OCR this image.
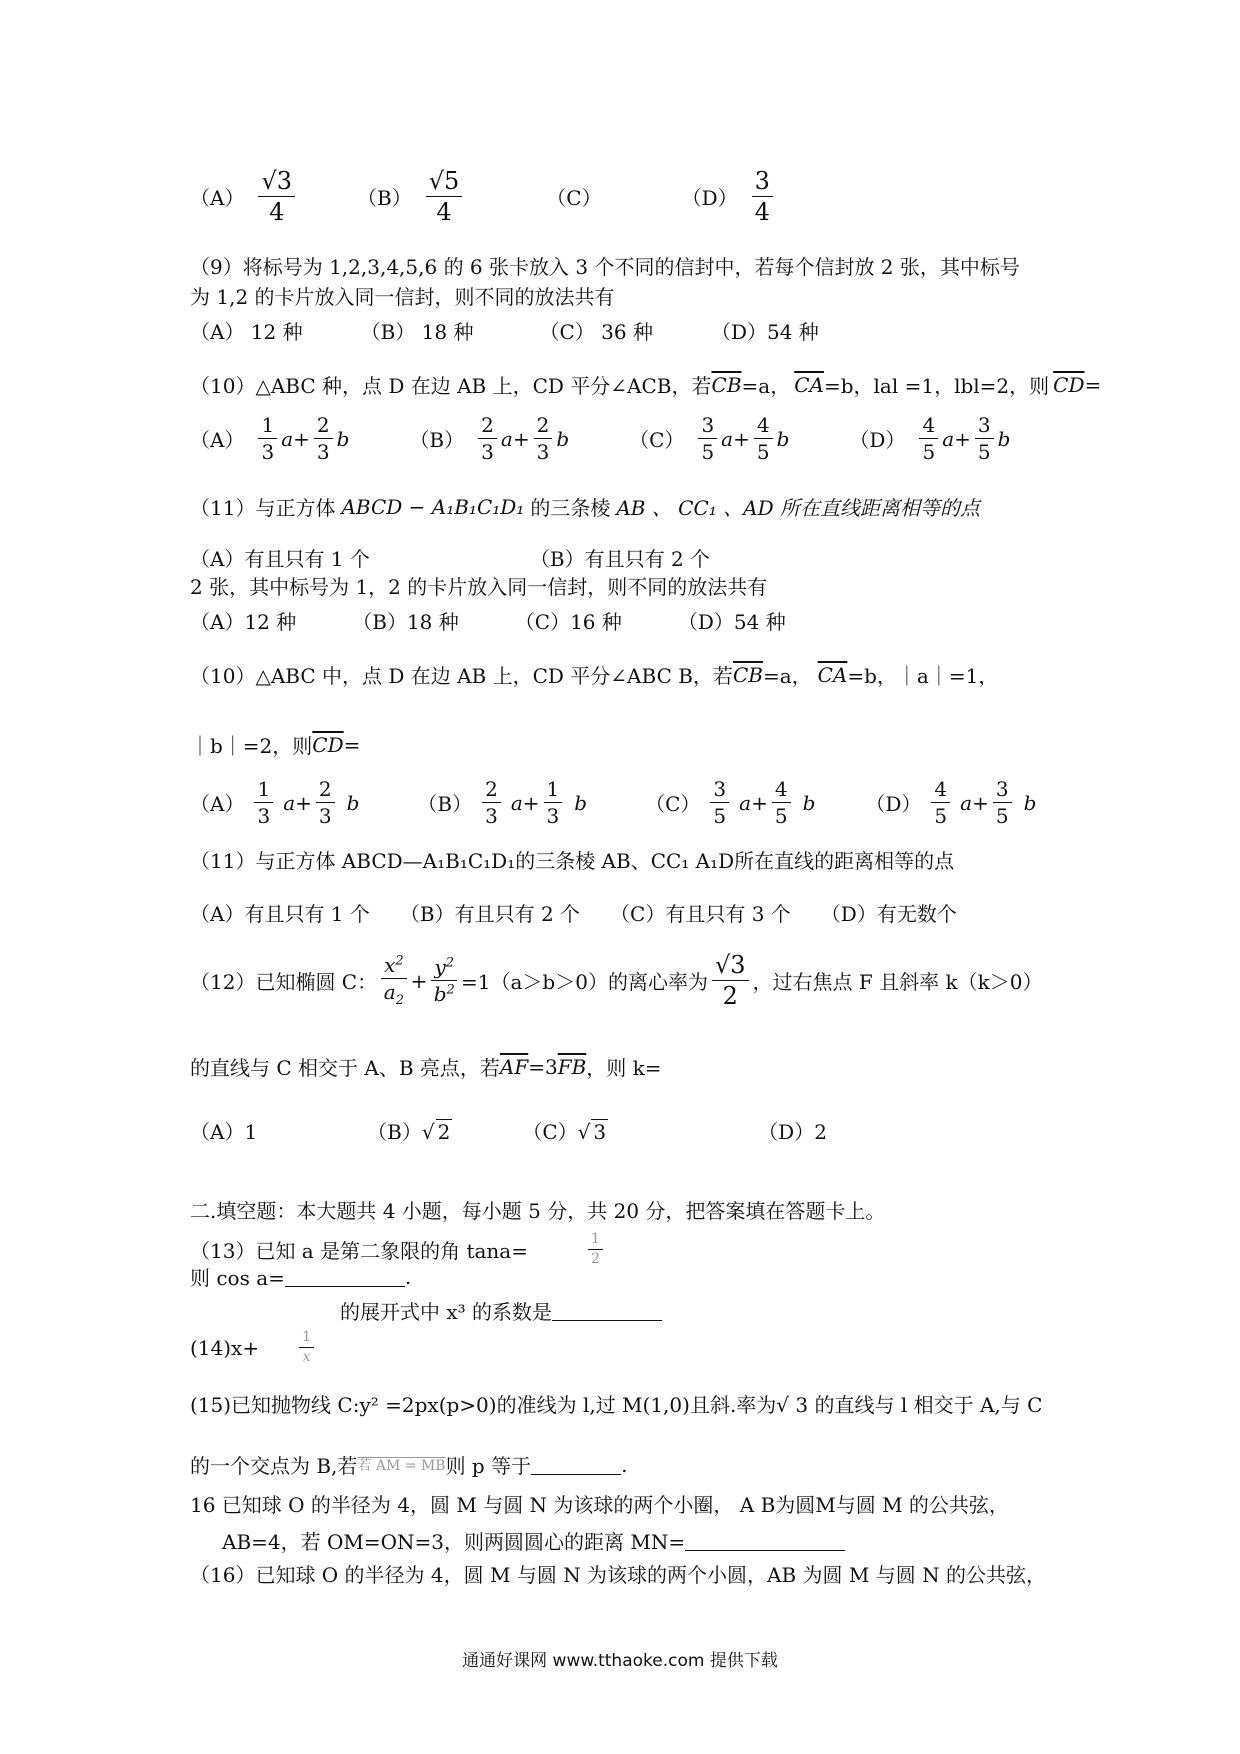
$(A) \frac{√3}{4}$	$(B) \frac{√5}{4}$	（C）	$(D) \frac{3}{4}$
（9）将标号为 1,2,3,4,5,6 的 6 张卡放入 3 个不同的信封中，若每个信封放 2 张，其中标号
为 1,2 的卡片放入同一信封，则不同的放法共有
（A） 12 种	（B） 18 种	（C） 36 种	（D）54 种
（10）△ABC 种，点 D 在边 AB 上，CD 平分∠ACB，若 $\overline{CB} =a$， $\overline{CA} =b$，lal =1，lbl=2，则 $\overline{CD}$ =
$(A) \frac{1}{3}$ $a + \frac{2}{3}$ b	$(B) \frac{2}{3}$ $a + \frac{2}{3}$ b	$(C) \frac{3}{5}$ $a + \frac{4}{5}$ b	$(D) \frac{4}{5}$ $a + \frac{3}{5}$ b
（11）与正方体 ABCD − A₁B₁C₁D₁ 的三条棱 AB 、 CC₁ 、AD 所在直线距离相等的点
（A）有且只有 1 个	（B）有且只有 2 个
2 张，其中标号为 1，2 的卡片放入同一信封，则不同的放法共有
（A）12 种	（B）18 种	（C）16 种	（D）54 种
（10）△ABC 中，点 D 在边 AB 上，CD 平分∠ABC B，若 $\overline{CB} =a$， $\overline{CA} =b$，｜a｜=1，
｜b｜=2，则 $\overline{CD}$ =
$(A) \frac{1}{3} a+ \frac{2}{3}$ b	$(B) \frac{2}{3} a+ \frac{1}{3}$ b	$(C) \frac{3}{5} a+ \frac{4}{5}$ b	$(D) \frac{4}{5} a+ \frac{3}{5}$ b
（11）与正方体 ABCD—A₁B₁C₁D₁的三条棱 AB、CC₁ A₁D所在直线的距离相等的点
（A）有且只有 1 个 （B）有且只有 2 个 （C）有且只有 3 个 （D）有无数个
（12）已知椭圆 C： $\frac{x^2}{a_2} + \frac{y^2}{b^2} =1(a>b>0)$的离心率为 $\frac{√3}{2}$ ，过右焦点 F 且斜率 k（k＞0）
的直线与 C 相交于 A、B 亮点，若 $\overline{AF} =3$ $\overline{FB}$ ，则 k=
（A）1	（B）√ 2	（C）√ 3	（D）2
二.填空题：本大题共 4 小题，每小题 5 分，共 20 分，把答案填在答题卡上。
（13）已知 a 是第二象限的角 tana=	$\frac{1}{2}$
则 cos a=	.
的展开式中 x³ 的系数是
(14)x+	$\frac{1}{x}$
(15)已知抛物线 C:y² =2px(p>0)的准线为 l,过 M(1,0)且斜.率为√ 3 的直线与 l 相交于 A,与 C
的一个交点为 B,若 若 AM = MB 则 p 等于	.
16 已知球 O 的半径为 4，圆 M 与圆 N 为该球的两个小圈， A B为圆M与圆 M 的公共弦，
AB=4，若 OM=ON=3，则两圆圆心的距离 MN=
（16）已知球 O 的半径为 4，圆 M 与圆 N 为该球的两个小圆，AB 为圆 M 与圆 N 的公共弦，
通通好课网 www.tthaoke.com 提供下载
